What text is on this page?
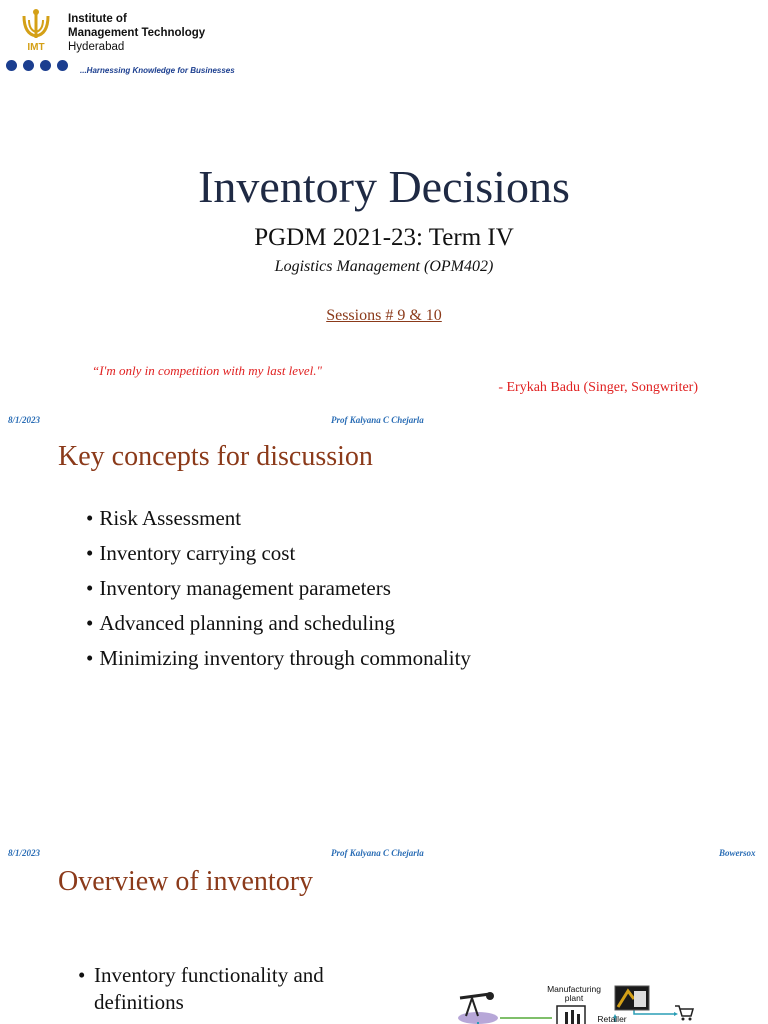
IMT
Institute of
Management Technology
Hyderabad
...Harnessing Knowledge for Businesses
Inventory Decisions
PGDM 2021-23: Term IV
Logistics Management (OPM402)
Sessions # 9 & 10
“I'm only in competition with my last level."
- Erykah Badu (Singer, Songwriter)
8/1/2023	Prof Kalyana C Chejarla
Key concepts for discussion
• Risk Assessment
• Inventory carrying cost
• Inventory management parameters
• Advanced planning and scheduling
• Minimizing inventory through commonality
8/1/2023	Prof Kalyana C Chejarla	Bowersox
Overview of inventory
• Inventory functionality and definitions
Manufacturing
plant
Retailer
